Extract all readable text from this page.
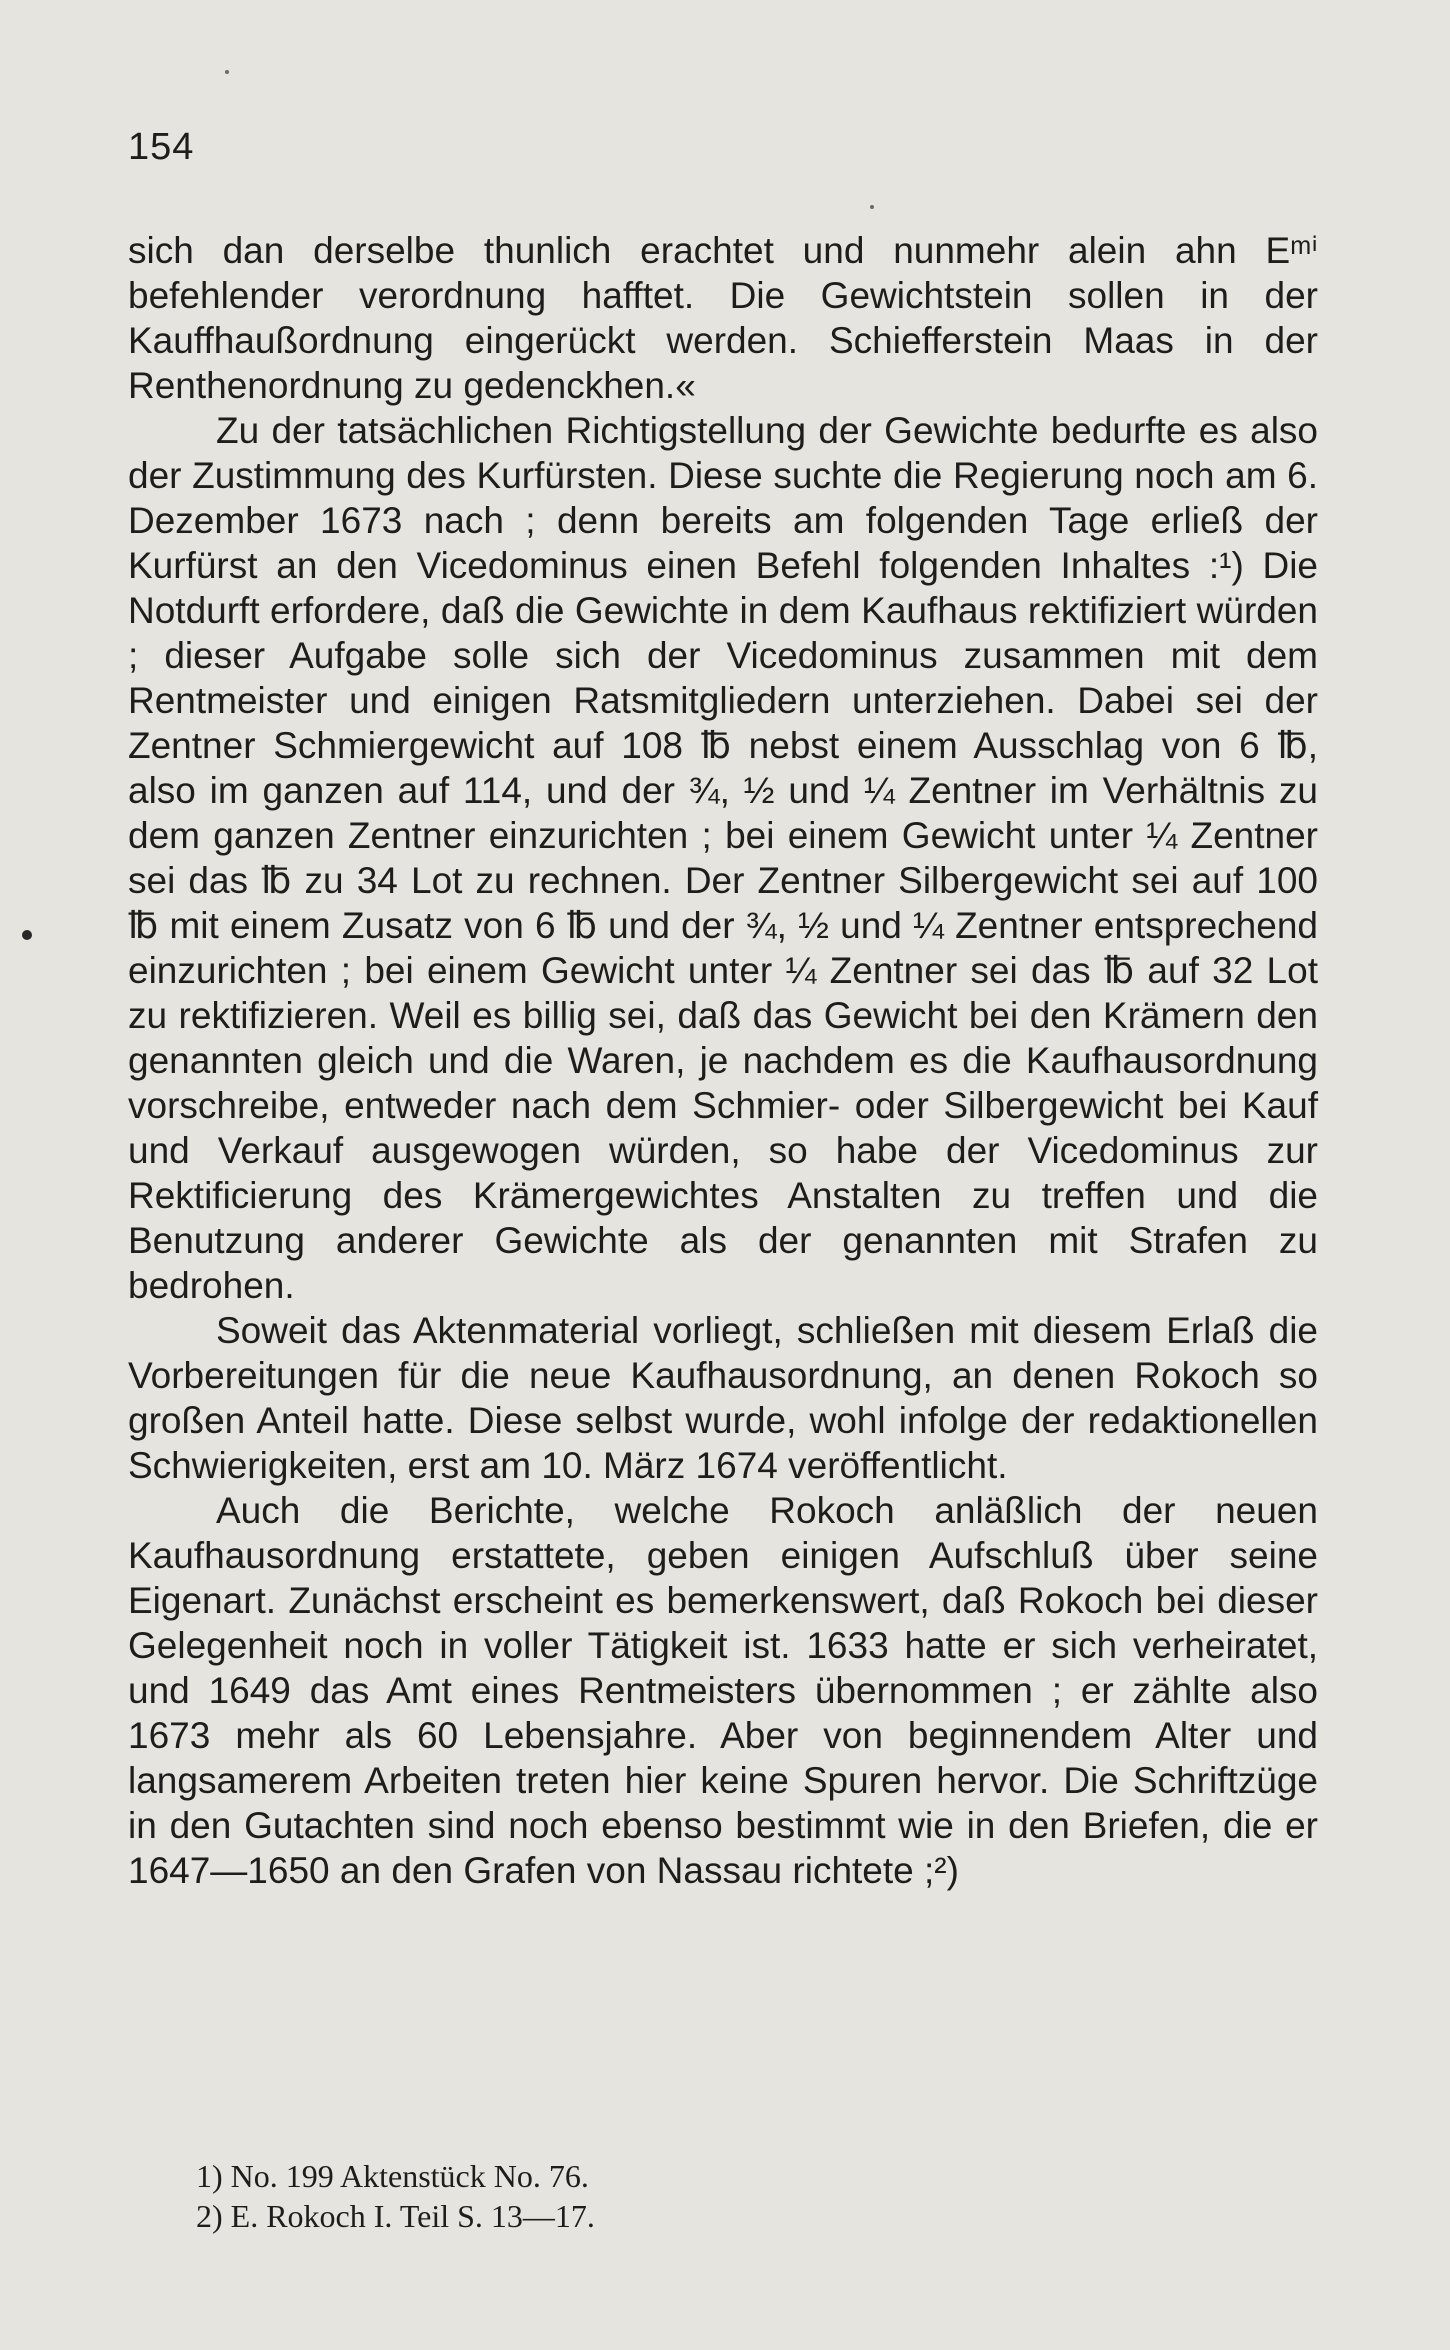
154

sich dan derselbe thunlich erachtet und nunmehr alein ahn Eᵐⁱ befehlender verordnung hafftet. Die Gewichtstein sollen in der Kauffhaußordnung eingerückt werden. Schiefferstein Maas in der Renthenordnung zu gedenckhen.«

Zu der tatsächlichen Richtigstellung der Gewichte bedurfte es also der Zustimmung des Kurfürsten. Diese suchte die Regierung noch am 6. Dezember 1673 nach ; denn bereits am folgenden Tage erließ der Kurfürst an den Vicedominus einen Befehl folgenden Inhaltes :¹) Die Notdurft erfordere, daß die Gewichte in dem Kaufhaus rektifiziert würden ; dieser Aufgabe solle sich der Vicedominus zusammen mit dem Rentmeister und einigen Ratsmitgliedern unterziehen. Dabei sei der Zentner Schmiergewicht auf 108 ℔ nebst einem Ausschlag von 6 ℔, also im ganzen auf 114, und der ¾, ½ und ¼ Zentner im Verhältnis zu dem ganzen Zentner einzurichten ; bei einem Gewicht unter ¼ Zentner sei das ℔ zu 34 Lot zu rechnen. Der Zentner Silbergewicht sei auf 100 ℔ mit einem Zusatz von 6 ℔ und der ¾, ½ und ¼ Zentner entsprechend einzurichten ; bei einem Gewicht unter ¼ Zentner sei das ℔ auf 32 Lot zu rektifizieren. Weil es billig sei, daß das Gewicht bei den Krämern den genannten gleich und die Waren, je nachdem es die Kaufhausordnung vorschreibe, entweder nach dem Schmier- oder Silbergewicht bei Kauf und Verkauf ausgewogen würden, so habe der Vicedominus zur Rektificierung des Krämergewichtes Anstalten zu treffen und die Benutzung anderer Gewichte als der genannten mit Strafen zu bedrohen.

Soweit das Aktenmaterial vorliegt, schließen mit diesem Erlaß die Vorbereitungen für die neue Kaufhausordnung, an denen Rokoch so großen Anteil hatte. Diese selbst wurde, wohl infolge der redaktionellen Schwierigkeiten, erst am 10. März 1674 veröffentlicht.

Auch die Berichte, welche Rokoch anläßlich der neuen Kaufhausordnung erstattete, geben einigen Aufschluß über seine Eigenart. Zunächst erscheint es bemerkenswert, daß Rokoch bei dieser Gelegenheit noch in voller Tätigkeit ist. 1633 hatte er sich verheiratet, und 1649 das Amt eines Rentmeisters übernommen ; er zählte also 1673 mehr als 60 Lebensjahre. Aber von beginnendem Alter und langsamerem Arbeiten treten hier keine Spuren hervor. Die Schriftzüge in den Gutachten sind noch ebenso bestimmt wie in den Briefen, die er 1647—1650 an den Grafen von Nassau richtete ;²)

1) No. 199 Aktenstück No. 76.

2) E. Rokoch I. Teil S. 13—17.
